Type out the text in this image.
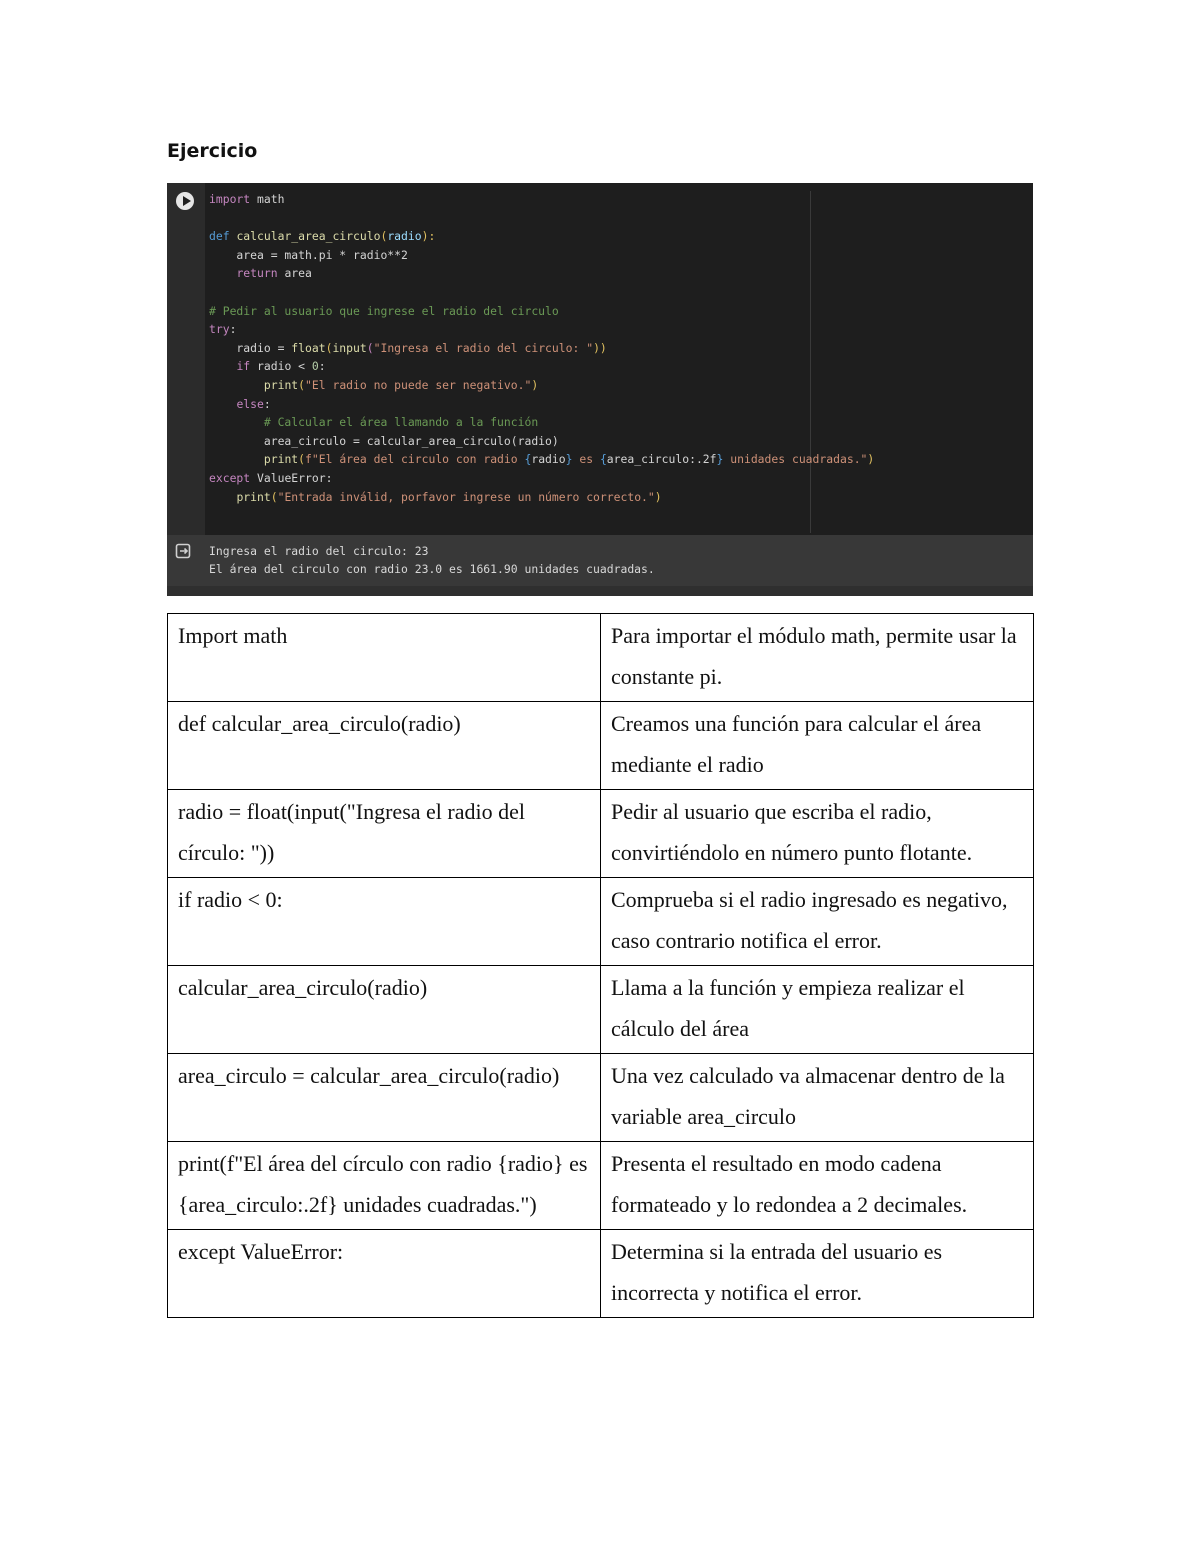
Ejercicio
import math

def calcular_area_circulo(radio):
area = math.pi * radio**2
return area

# Pedir al usuario que ingrese el radio del circulo
try:
radio = float(input("Ingresa el radio del circulo: "))
if radio < 0:
print("El radio no puede ser negativo.")
else:
# Calcular el área llamando a la función
area_circulo = calcular_area_circulo(radio)
print(f"El área del circulo con radio {radio} es {area_circulo:.2f} unidades cuadradas.")
except ValueError:
print("Entrada inválid, porfavor ingrese un número correcto.")
Ingresa el radio del circulo: 23
El área del circulo con radio 23.0 es 1661.90 unidades cuadradas.
Import math	Para importar el módulo math, permite usar la constante pi.
def calcular_area_circulo(radio)	Creamos una función para calcular el área mediante el radio
radio = float(input("Ingresa el radio del círculo: "))	Pedir al usuario que escriba el radio, convirtiéndolo en número punto flotante.
if radio < 0:	Comprueba si el radio ingresado es negativo, caso contrario notifica el error.
calcular_area_circulo(radio)	Llama a la función y empieza realizar el cálculo del área
area_circulo = calcular_area_circulo(radio)	Una vez calculado va almacenar dentro de la variable area_circulo
print(f"El área del círculo con radio {radio} es {area_circulo:.2f} unidades cuadradas.")	Presenta el resultado en modo cadena formateado y lo redondea a 2 decimales.
except ValueError:	Determina si la entrada del usuario es incorrecta y notifica el error.
